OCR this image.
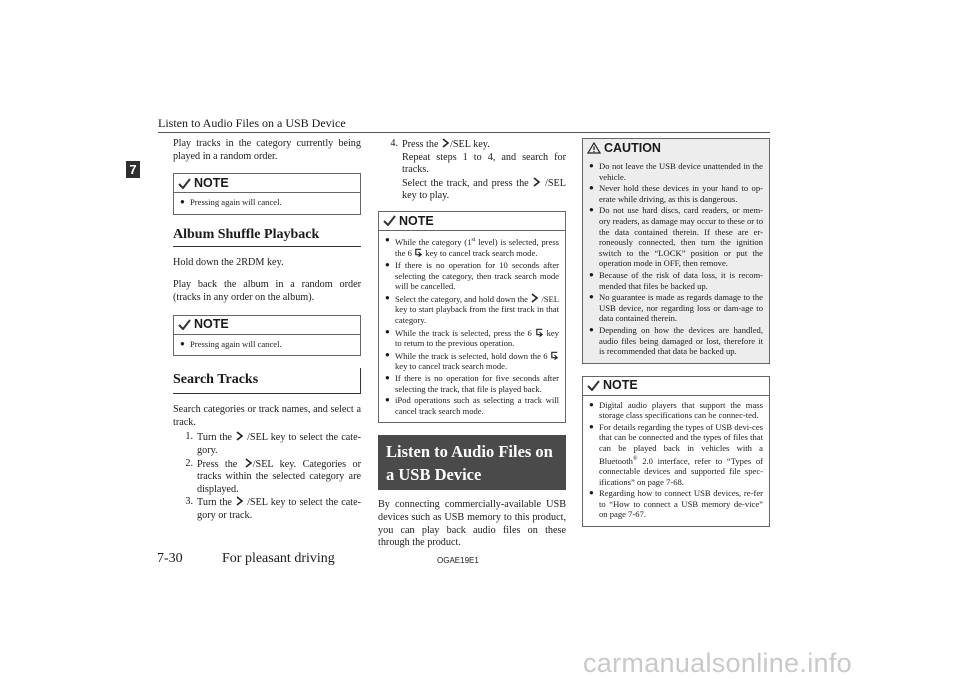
Listen to Audio Files on a USB Device
7

Play tracks in the category currently being played in a random order.

NOTE
●
Pressing again will cancel.
Album Shuffle Playback

Hold down the 2RDM key.

Play back the album in a random order (tracks in any order on the album).

NOTE
●
Pressing again will cancel.
Search Tracks

Search categories or track names, and select a track.

1. Turn the /SEL key to select the cate-gory.
2. Press the /SEL key. Categories or tracks within the selected category are displayed.
3. Turn the /SEL key to select the cate-gory or track.
4. Press the /SEL key.
Repeat steps 1 to 4, and search for tracks.
Select the track, and press the /SEL key to play.
NOTE
●
While the category (1st level) is selected, press the 6 key to cancel track search mode.
●
If there is no operation for 10 seconds after selecting the category, then track search mode will be cancelled.
●
Select the category, and hold down the /SEL key to start playback from the first track in that category.
●
While the track is selected, press the 6 key to return to the previous operation.
●
While the track is selected, hold down the 6  key to cancel track search mode.
●
If there is no operation for five seconds after selecting the track, that file is played back.
●
iPod operations such as selecting a track will cancel track search mode.
Listen to Audio Files on a USB Device

By connecting commercially-available USB devices such as USB memory to this product, you can play back audio files on these through the product.

CAUTION
●
Do not leave the USB device unattended in the vehicle.
●
Never hold these devices in your hand to op-erate while driving, as this is dangerous.
●
Do not use hard discs, card readers, or mem-ory readers, as damage may occur to these or to the data contained therein. If these are er-roneously connected, then turn the ignition switch to the “LOCK” position or put the operation mode in OFF, then remove.
●
Because of the risk of data loss, it is recom-mended that files be backed up.
●
No guarantee is made as regards damage to the USB device, nor regarding loss or dam-age to data contained therein.
●
Depending on how the devices are handled, audio files being damaged or lost, therefore it is recommended that data be backed up.
NOTE
●
Digital audio players that support the mass storage class specifications can be connec-ted.
●
For details regarding the types of USB devi-ces that can be connected and the types of files that can be played back in vehicles with a Bluetooth® 2.0 interface, refer to “Types of connectable devices and supported file spec-ifications” on page 7-68.
●
Regarding how to connect USB devices, re-fer to “How to connect a USB memory de-vice” on page 7-67.
7-30	For pleasant driving	OGAE19E1
carmanualsonline.info
